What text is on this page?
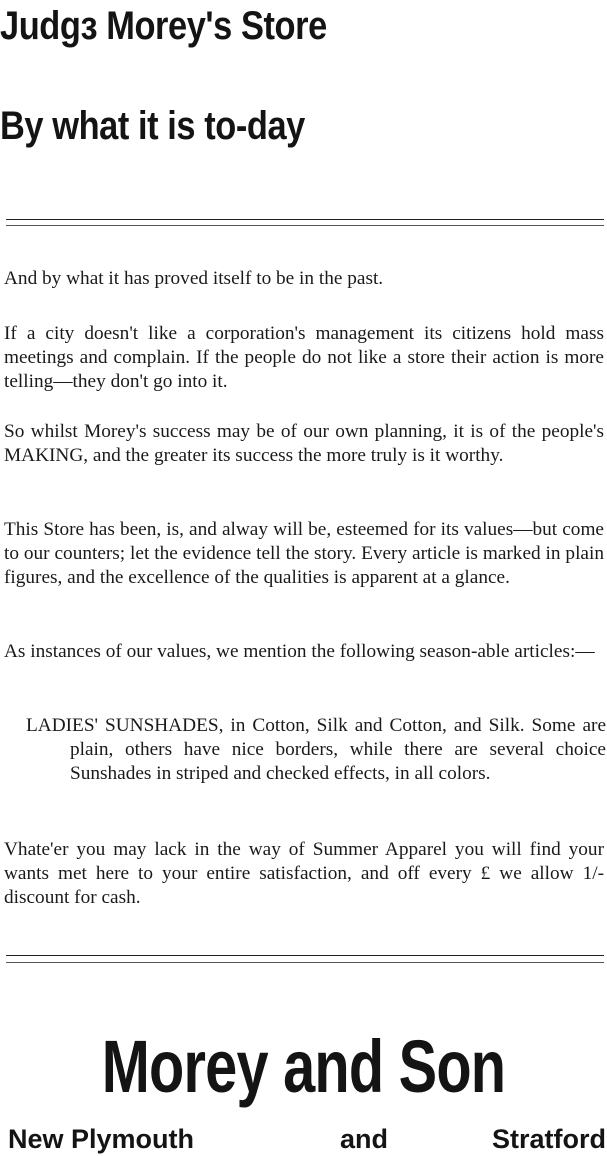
Judgз Morey's Store
By what it is to-day

And by what it has proved itself to be in the past.

If a city doesn't like a corporation's management its citizens hold mass meetings and complain. If the people do not like a store their action is more telling—they don't go into it.

So whilst Morey's success may be of our own planning, it is of the people's MAKING, and the greater its success the more truly is it worthy.

This Store has been, is, and alway will be, esteemed for its values—but come to our counters; let the evidence tell the story. Every article is marked in plain figures, and the excellence of the qualities is apparent at a glance.

As instances of our values, we mention the following season-able articles:—

LADIES' SUNSHADES, in Cotton, Silk and Cotton, and Silk. Some are plain, others have nice borders, while there are several choice Sunshades in striped and checked effects, in all colors.

Vhate'er you may lack in the way of Summer Apparel you will find your wants met here to your entire satisfaction, and off every £ we allow 1/- discount for cash.

Morey and Son
New Plymouth	and	Stratford
